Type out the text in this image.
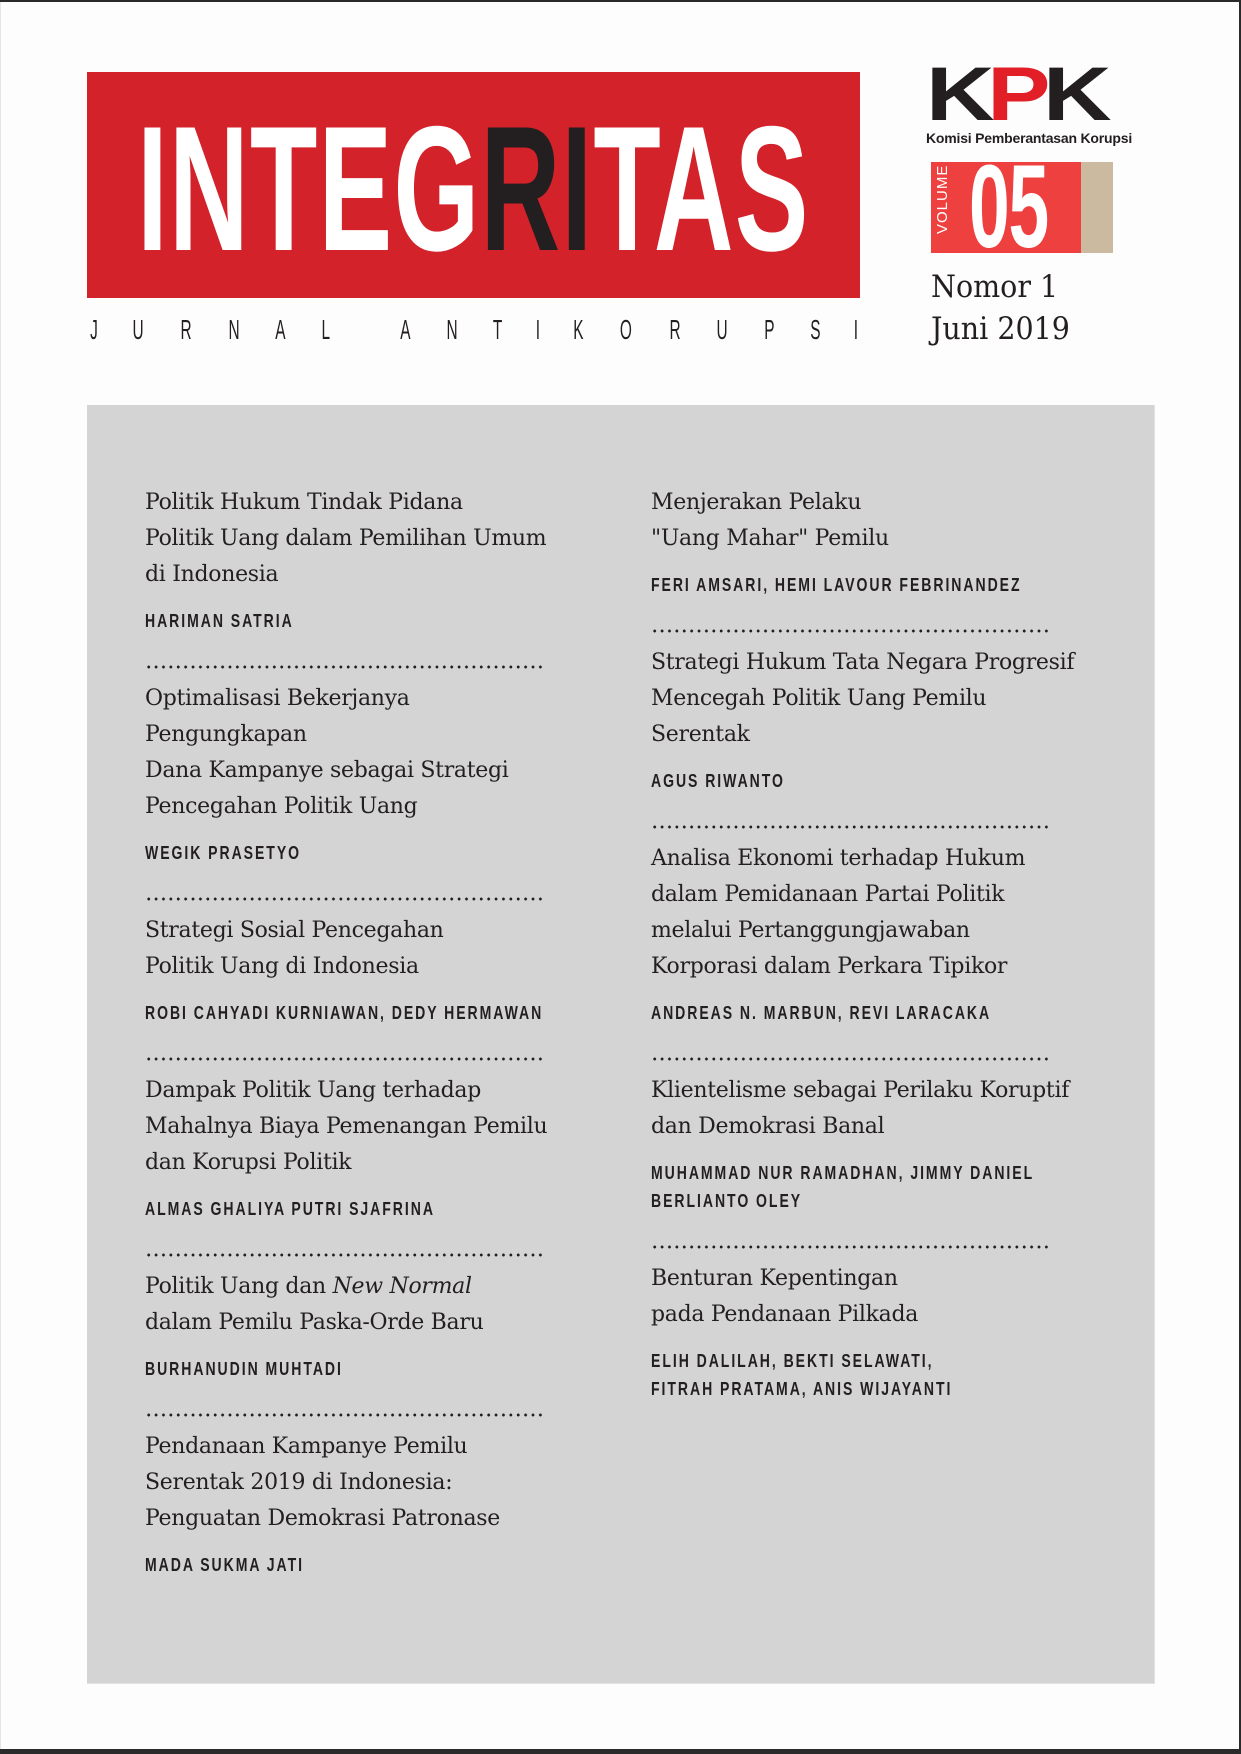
INTEGRITAS
J U R N A L
	A N T I K O R U P S I
KPK
Komisi Pemberantasan Korupsi
VOLUME 05
Nomor 1
Juni 2019
Politik Hukum Tindak Pidana
Politik Uang dalam Pemilihan Umum
di Indonesia
HARIMAN SATRIA
Optimalisasi Bekerjanya Pengungkapan
Dana Kampanye sebagai Strategi
Pencegahan Politik Uang
WEGIK PRASETYO
Strategi Sosial Pencegahan
Politik Uang di Indonesia
ROBI CAHYADI KURNIAWAN, DEDY HERMAWAN
Dampak Politik Uang terhadap
Mahalnya Biaya Pemenangan Pemilu
dan Korupsi Politik
ALMAS GHALIYA PUTRI SJAFRINA
Politik Uang dan New Normal
dalam Pemilu Paska-Orde Baru
BURHANUDIN MUHTADI
Pendanaan Kampanye Pemilu
Serentak 2019 di Indonesia:
Penguatan Demokrasi Patronase
MADA SUKMA JATI
Menjerakan Pelaku
"Uang Mahar" Pemilu
FERI AMSARI, HEMI LAVOUR FEBRINANDEZ
Strategi Hukum Tata Negara Progresif
Mencegah Politik Uang Pemilu Serentak
AGUS RIWANTO
Analisa Ekonomi terhadap Hukum
dalam Pemidanaan Partai Politik
melalui Pertanggungjawaban
Korporasi dalam Perkara Tipikor
ANDREAS N. MARBUN, REVI LARACAKA
Klientelisme sebagai Perilaku Koruptif
dan Demokrasi Banal
MUHAMMAD NUR RAMADHAN, JIMMY DANIEL
BERLIANTO OLEY
Benturan Kepentingan
pada Pendanaan Pilkada
ELIH DALILAH, BEKTI SELAWATI,
FITRAH PRATAMA, ANIS WIJAYANTI
